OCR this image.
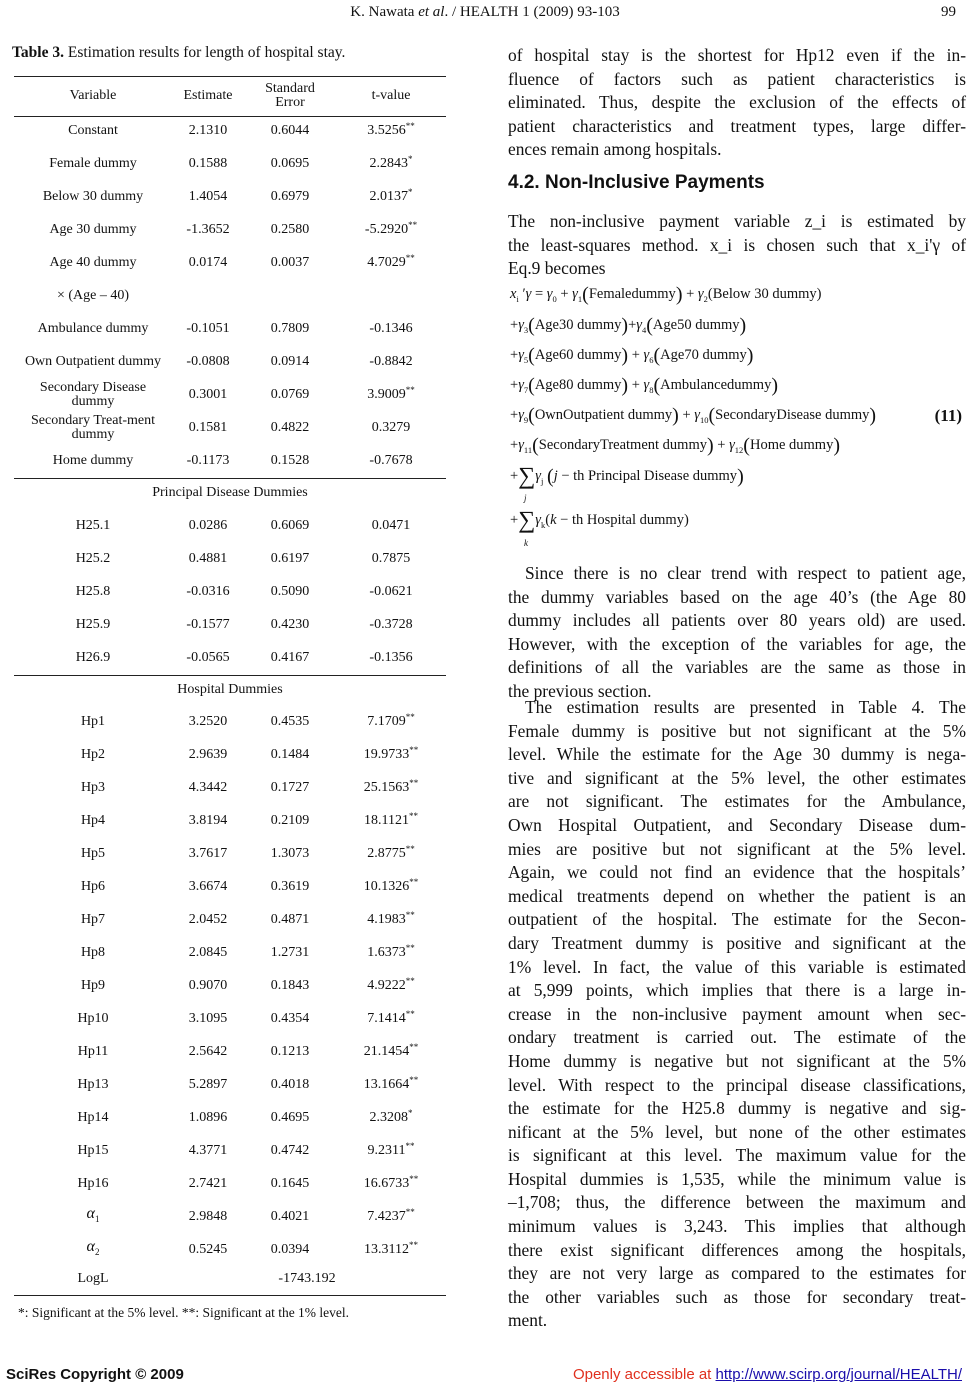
K. Nawata et al. / HEALTH 1 (2009) 93-103	99
Table 3. Estimation results for length of hospital stay.
Variable	Estimate	Standard Error	t-value
Constant	2.1310	0.6044	3.5256**
Female dummy	0.1588	0.0695	2.2843*
Below 30 dummy	1.4054	0.6979	2.0137*
Age 30 dummy	-1.3652	0.2580	-5.2920**
Age 40 dummy	0.0174	0.0037	4.7029**
× (Age – 40)
Ambulance dummy	-0.1051	0.7809	-0.1346
Own Outpatient dummy	-0.0808	0.0914	-0.8842
Secondary Disease dummy	0.3001	0.0769	3.9009**
Secondary Treat-ment dummy	0.1581	0.4822	0.3279
Home dummy	-0.1173	0.1528	-0.7678
Principal Disease Dummies
H25.1	0.0286	0.6069	0.0471
H25.2	0.4881	0.6197	0.7875
H25.8	-0.0316	0.5090	-0.0621
H25.9	-0.1577	0.4230	-0.3728
H26.9	-0.0565	0.4167	-0.1356
Hospital Dummies
Hp1	3.2520	0.4535	7.1709**
Hp2	2.9639	0.1484	19.9733**
Hp3	4.3442	0.1727	25.1563**
Hp4	3.8194	0.2109	18.1121**
Hp5	3.7617	1.3073	2.8775**
Hp6	3.6674	0.3619	10.1326**
Hp7	2.0452	0.4871	4.1983**
Hp8	2.0845	1.2731	1.6373**
Hp9	0.9070	0.1843	4.9222**
Hp10	3.1095	0.4354	7.1414**
Hp11	2.5642	0.1213	21.1454**
Hp13	5.2897	0.4018	13.1664**
Hp14	1.0896	0.4695	2.3208*
Hp15	4.3771	0.4742	9.2311**
Hp16	2.7421	0.1645	16.6733**
$\alpha_1$	2.9848	0.4021	7.4237**
$\alpha_2$	0.5245	0.0394	13.3112**
LogL	-1743.192
*: Significant at the 5% level. **: Significant at the 1% level.
of hospital stay is the shortest for Hp12 even if the in-
fluence of factors such as patient characteristics is
eliminated. Thus, despite the exclusion of the effects of
patient characteristics and treatment types, large differ-
ences remain among hospitals.
4.2. Non-Inclusive Payments
The non-inclusive payment variable z_i is estimated by
the least-squares method. x_i is chosen such that x_i'γ of
Eq.9 becomes
$x_i$ $'\gamma = \gamma_0$ + $\gamma_1(Femaledummy)$ + $\gamma_2(Below$ 30 dummy)
$+\gamma_3(Age30$ $dummy)+\gamma_4(Age50$ dummy)
$+\gamma_5(Age60$ dummy) + $\gamma_6(Age70$ dummy)
$+\gamma_7(Age80$ dummy) + $\gamma_8(Ambulancedummy)$
$+\gamma_9(OwnOutpatient$ dummy) + $\gamma_{10}(SecondaryDisease$ dummy)	(11)
$+\gamma_{11}(SecondaryTreatment$ dummy) + $\gamma_{12}(Home$ dummy)
$+\sum\gamma_j$ (j − th Principal Disease dummy)
j
$+\sum\gamma_k(k$ − th Hospital dummy)
k
Since there is no clear trend with respect to patient age,
the dummy variables based on the age 40’s (the Age 80
dummy includes all patients over 80 years old) are used.
However, with the exception of the variables for age, the
definitions of all the variables are the same as those in
the previous section.
The estimation results are presented in Table 4. The
Female dummy is positive but not significant at the 5%
level. While the estimate for the Age 30 dummy is nega-
tive and significant at the 5% level, the other estimates
are not significant. The estimates for the Ambulance,
Own Hospital Outpatient, and Secondary Disease dum-
mies are positive but not significant at the 5% level.
Again, we could not find an evidence that the hospitals’
medical treatments depend on whether the patient is an
outpatient of the hospital. The estimate for the Secon-
dary Treatment dummy is positive and significant at the
1% level. In fact, the value of this variable is estimated
at 5,999 points, which implies that there is a large in-
crease in the non-inclusive payment amount when sec-
ondary treatment is carried out. The estimate of the
Home dummy is negative but not significant at the 5%
level. With respect to the principal disease classifications,
the estimate for the H25.8 dummy is negative and sig-
nificant at the 5% level, but none of the other estimates
is significant at this level. The maximum value for the
Hospital dummies is 1,535, while the minimum value is
–1,708; thus, the difference between the maximum and
minimum values is 3,243. This implies that although
there exist significant differences among the hospitals,
they are not very large as compared to the estimates for
the other variables such as those for secondary treat-
ment.
SciRes Copyright © 2009	Openly accessible at http://www.scirp.org/journal/HEALTH/
